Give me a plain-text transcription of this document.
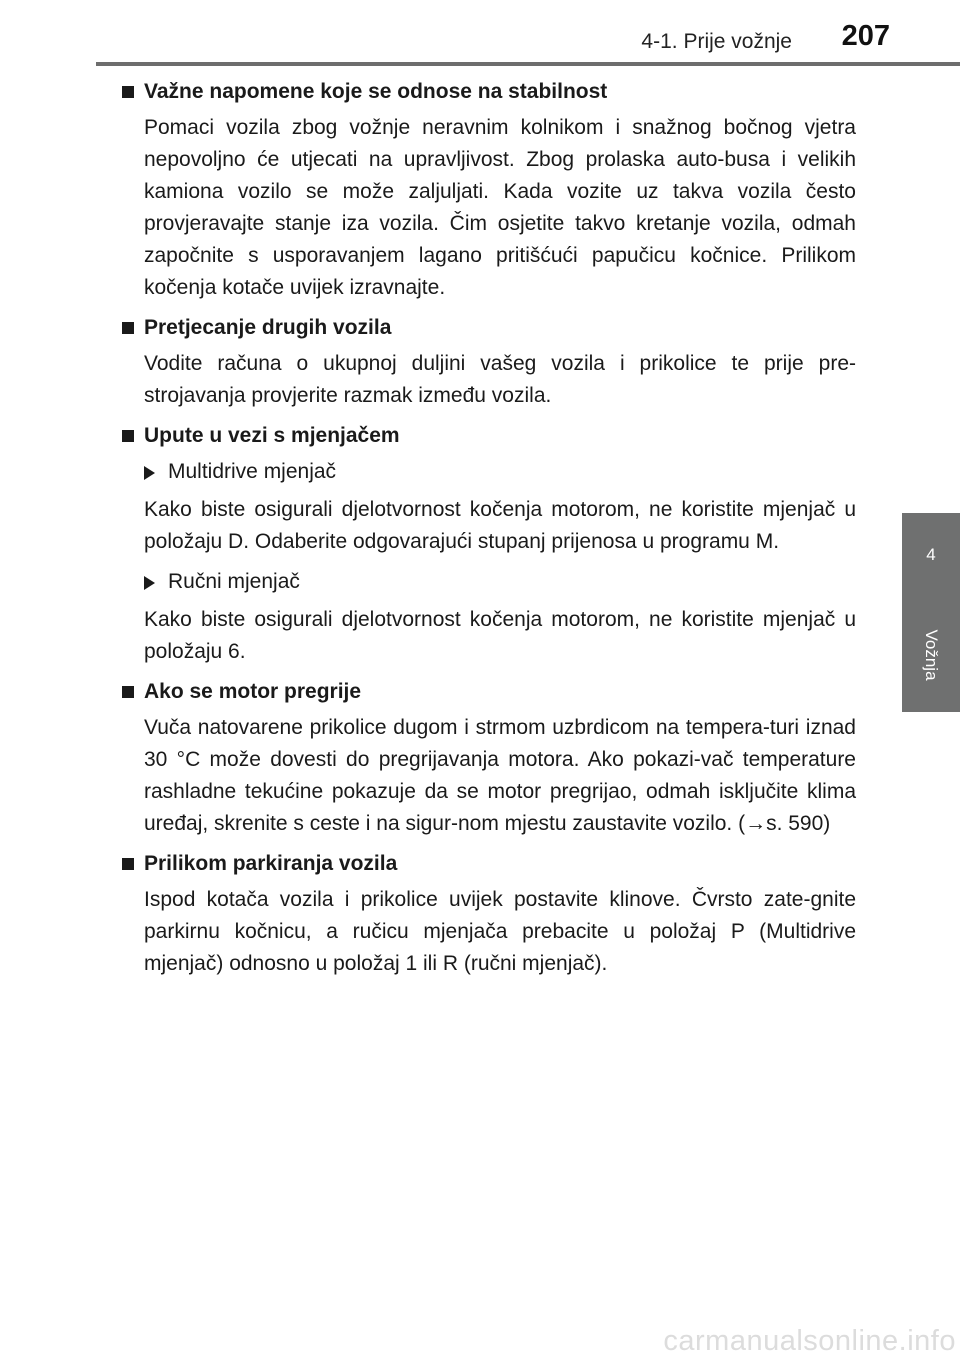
4-1. Prije vožnje 207
4
Vožnja
Važne napomene koje se odnose na stabilnost

Pomaci vozila zbog vožnje neravnim kolnikom i snažnog bočnog vjetra nepovoljno će utjecati na upravljivost. Zbog prolaska auto-busa i velikih kamiona vozilo se može zaljuljati. Kada vozite uz takva vozila često provjeravajte stanje iza vozila. Čim osjetite takvo kretanje vozila, odmah započnite s usporavanjem lagano pritišćući papučicu kočnice. Prilikom kočenja kotače uvijek izravnajte.

Pretjecanje drugih vozila

Vodite računa o ukupnoj duljini vašeg vozila i prikolice te prije pre-strojavanja provjerite razmak između vozila.

Upute u vezi s mjenjačem
Multidrive mjenjač

Kako biste osigurali djelotvornost kočenja motorom, ne koristite mjenjač u položaju D. Odaberite odgovarajući stupanj prijenosa u programu M.

Ručni mjenjač

Kako biste osigurali djelotvornost kočenja motorom, ne koristite mjenjač u položaju 6.

Ako se motor pregrije

Vuča natovarene prikolice dugom i strmom uzbrdicom na tempera-turi iznad 30 °C može dovesti do pregrijavanja motora. Ako pokazi-vač temperature rashladne tekućine pokazuje da se motor pregrijao, odmah isključite klima uređaj, skrenite s ceste i na sigur-nom mjestu zaustavite vozilo. (→s. 590)

Prilikom parkiranja vozila

Ispod kotača vozila i prikolice uvijek postavite klinove. Čvrsto zate-gnite parkirnu kočnicu, a ručicu mjenjača prebacite u položaj P (Multidrive mjenjač) odnosno u položaj 1 ili R (ručni mjenjač).

carmanualsonline.info
